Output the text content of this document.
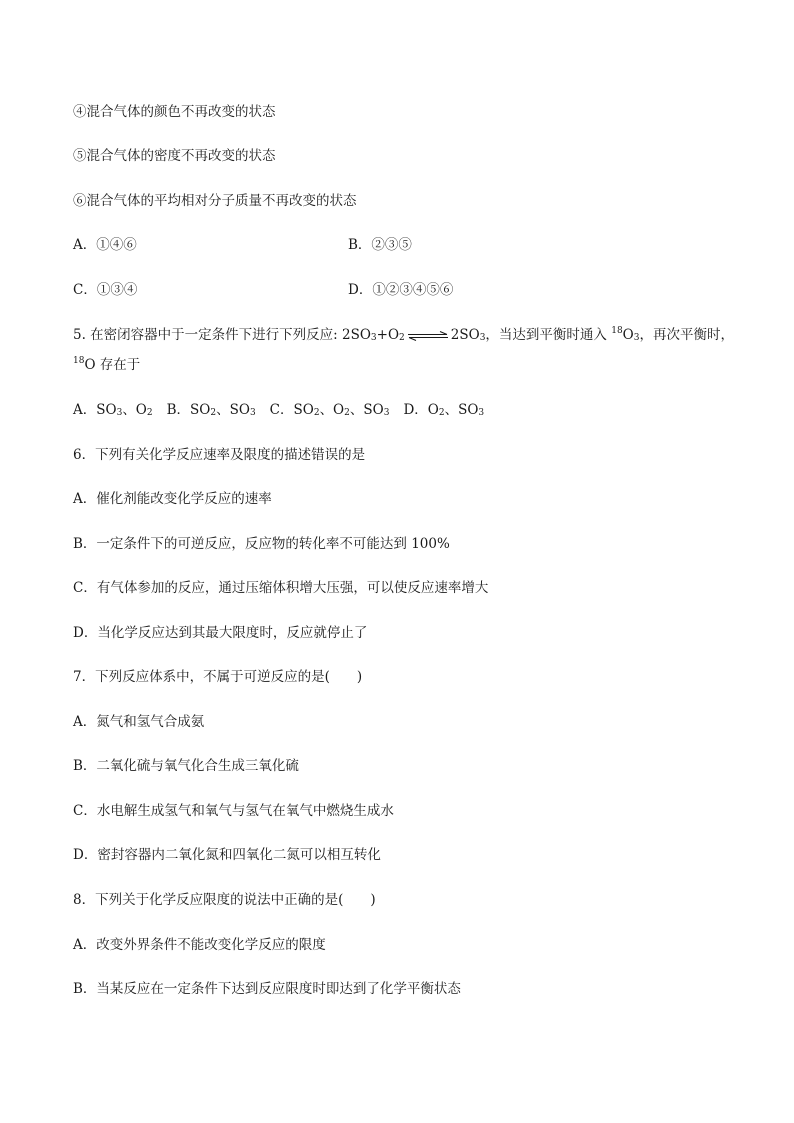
④混合气体的颜色不再改变的状态
⑤混合气体的密度不再改变的状态
⑥混合气体的平均相对分子质量不再改变的状态
A．①④⑥	B．②③⑤
C．①③④	D．①②③④⑤⑥
5. 在密闭容器中于一定条件下进行下列反应: $2SO_3+O_2$ ⇌ $2SO_3$，当达到平衡时通入 $^{18}O_3$，再次平衡时，
$^{18}$O 存在于
A．$SO_3$、$O_2$ B．$SO_2$、$SO_3$ C．$SO_2$、$O_2$、$SO_3$ D．$O_2$、$SO_3$
6．下列有关化学反应速率及限度的描述错误的是
A．催化剂能改变化学反应的速率
B．一定条件下的可逆反应，反应物的转化率不可能达到 100%
C．有气体参加的反应，通过压缩体积增大压强，可以使反应速率增大
D．当化学反应达到其最大限度时，反应就停止了
7．下列反应体系中，不属于可逆反应的是(　　)
A．氮气和氢气合成氨
B．二氧化硫与氧气化合生成三氧化硫
C．水电解生成氢气和氧气与氢气在氧气中燃烧生成水
D．密封容器内二氧化氮和四氧化二氮可以相互转化
8．下列关于化学反应限度的说法中正确的是(　　)
A．改变外界条件不能改变化学反应的限度
B．当某反应在一定条件下达到反应限度时即达到了化学平衡状态
